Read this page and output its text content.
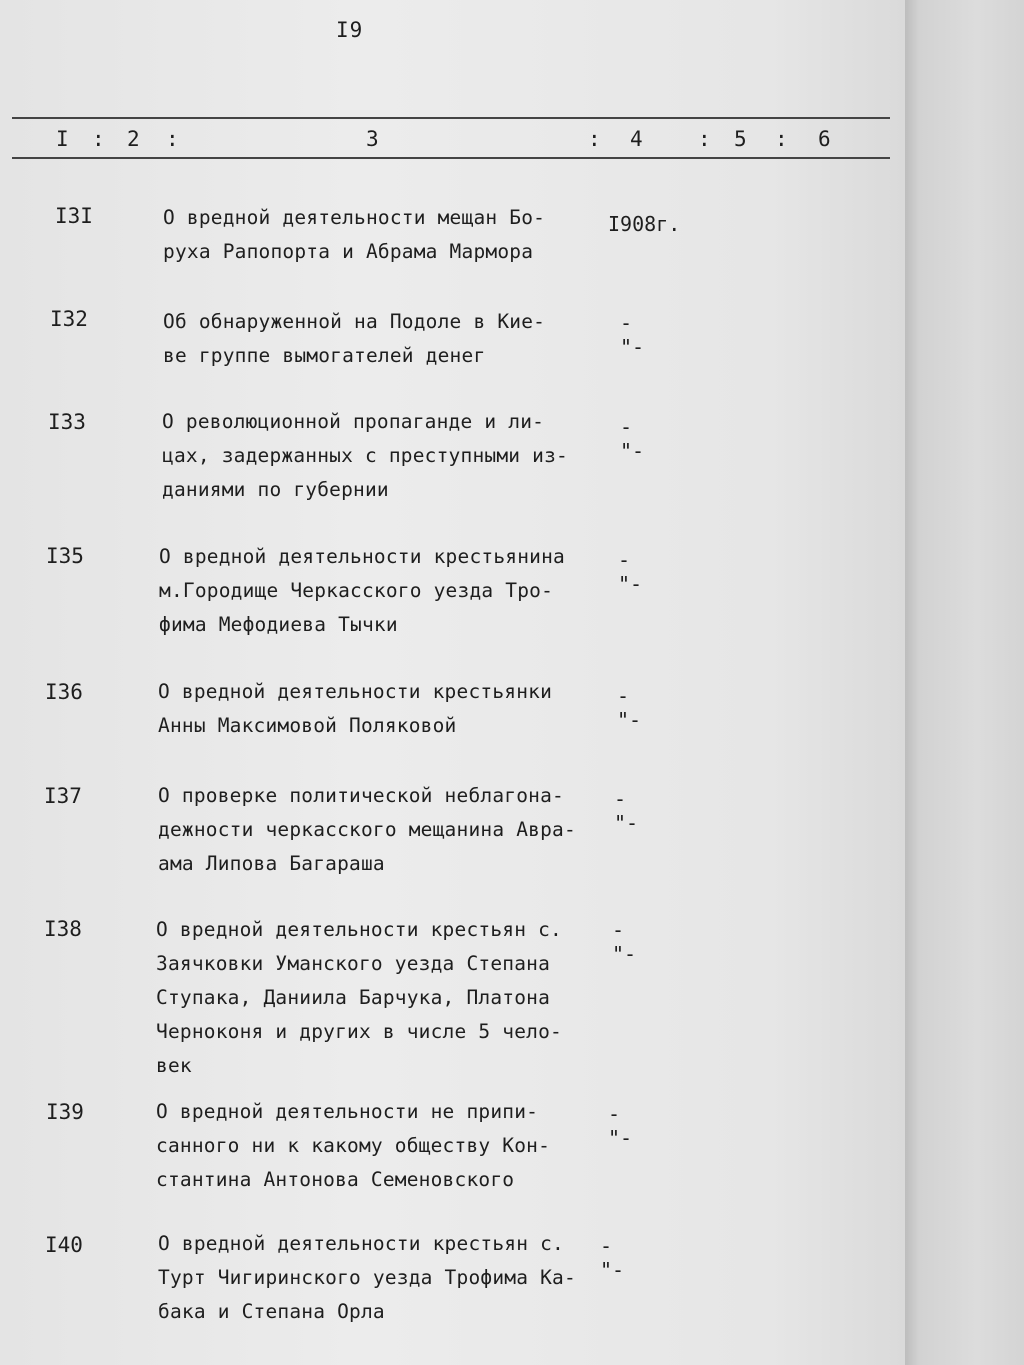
I9
I : 2 :	3	: 4	: 5 : 6
I3I	О вредной деятельности мещан Бо-
руха Рапопорта и Абрама Мармора
I908г.
I32	Об обнаруженной на Подоле в Кие-
ве группе вымогателей денег
-"-
I33	О революционной пропаганде и ли-
цах, задержанных с преступными из-
даниями по губернии
-"-
I35	О вредной деятельности крестьянина
м.Городище Черкасского уезда Тро-
фима Мефодиева Тычки
-"-
I36	О вредной деятельности крестьянки
Анны Максимовой Поляковой
-"-
I37	О проверке политической неблагона-
дежности черкасского мещанина Авра-
ама Липова Багараша
-"-
I38	О вредной деятельности крестьян с.
Заячковки Уманского уезда Степана
Ступака, Даниила Барчука, Платона
Черноконя и других в числе 5 чело-
век
-"-
I39	О вредной деятельности не припи-
санного ни к какому обществу Кон-
стантина Антонова Семеновского
-"-
I40	О вредной деятельности крестьян с.
Турт Чигиринского уезда Трофима Ка-
бака и Степана Орла
-"-
